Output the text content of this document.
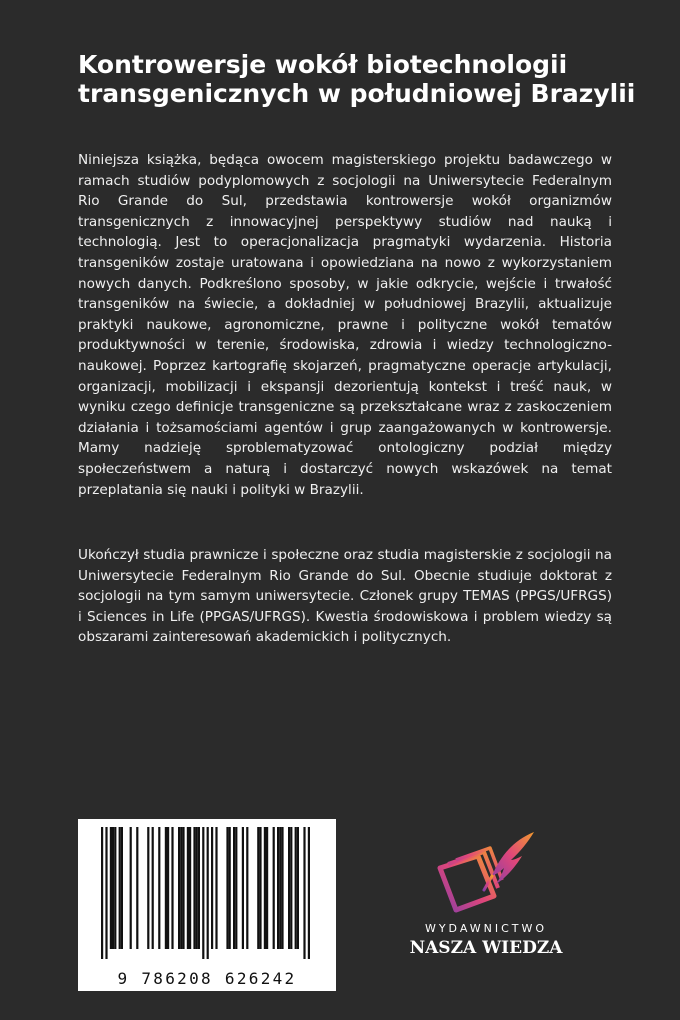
Kontrowersje wokół biotechnologii transgenicznych w południowej Brazylii

Niniejsza książka, będąca owocem magisterskiego projektu badawczego w ramach studiów podyplomowych z socjologii na Uniwersytecie Federalnym Rio Grande do Sul, przedstawia kontrowersje wokół organizmów transgenicznych z innowacyjnej perspektywy studiów nad nauką i technologią. Jest to operacjonalizacja pragmatyki wydarzenia. Historia transgeników zostaje uratowana i opowiedziana na nowo z wykorzystaniem nowych danych. Podkreślono sposoby, w jakie odkrycie, wejście i trwałość transgeników na świecie, a dokładniej w południowej Brazylii, aktualizuje praktyki naukowe, agronomiczne, prawne i polityczne wokół tematów produktywności w terenie, środowiska, zdrowia i wiedzy technologiczno-naukowej. Poprzez kartografię skojarzeń, pragmatyczne operacje artykulacji, organizacji, mobilizacji i ekspansji dezorientują kontekst i treść nauk, w wyniku czego definicje transgeniczne są przekształcane wraz z zaskoczeniem działania i tożsamościami agentów i grup zaangażowanych w kontrowersje. Mamy nadzieję sproblematyzować ontologiczny podział między społeczeństwem a naturą i dostarczyć nowych wskazówek na temat przeplatania się nauki i polityki w Brazylii.

Ukończył studia prawnicze i społeczne oraz studia magisterskie z socjologii na Uniwersytecie Federalnym Rio Grande do Sul. Obecnie studiuje doktorat z socjologii na tym samym uniwersytecie. Członek grupy TEMAS (PPGS/UFRGS) i Sciences in Life (PPGAS/UFRGS). Kwestia środowiskowa i problem wiedzy są obszarami zainteresowań akademickich i politycznych.

9 786208 626242
WYDAWNICTWO
NASZA WIEDZA
